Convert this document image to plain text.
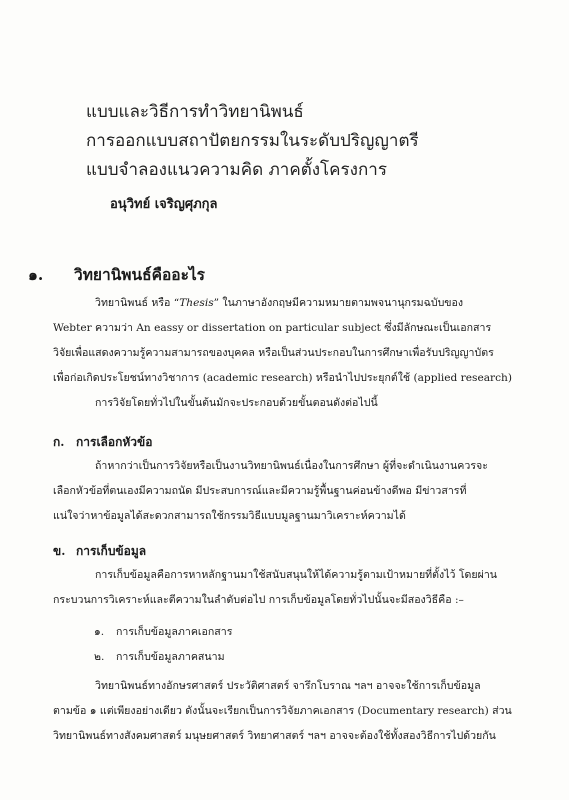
แบบและวิธีการทำวิทยานิพนธ์
การออกแบบสถาปัตยกรรมในระดับปริญญาตรี
แบบจำลองแนวความคิด ภาคตั้งโครงการ
อนุวิทย์ เจริญศุภกุล
๑. วิทยานิพนธ์คืออะไร
วิทยานิพนธ์ หรือ “Thesis” ในภาษาอังกฤษมีความหมายตามพจนานุกรมฉบับของ
Webter ความว่า An eassy or dissertation on particular subject ซึ่งมีลักษณะเป็นเอกสาร
วิจัยเพื่อแสดงความรู้ความสามารถของบุคคล หรือเป็นส่วนประกอบในการศึกษาเพื่อรับปริญญาบัตร
เพื่อก่อเกิดประโยชน์ทางวิชาการ (academic research) หรือนำไปประยุกต์ใช้ (applied research)
การวิจัยโดยทั่วไปในขั้นต้นมักจะประกอบด้วยขั้นตอนดังต่อไปนี้
ก. การเลือกหัวข้อ
ถ้าหากว่าเป็นการวิจัยหรือเป็นงานวิทยานิพนธ์เนื่องในการศึกษา ผู้ที่จะดำเนินงานควรจะ
เลือกหัวข้อที่ตนเองมีความถนัด มีประสบการณ์และมีความรู้พื้นฐานค่อนข้างดีพอ มีข่าวสารที่
แน่ใจว่าหาข้อมูลได้สะดวกสามารถใช้กรรมวิธีแบบมูลฐานมาวิเคราะห์ความได้
ข. การเก็บข้อมูล
การเก็บข้อมูลคือการหาหลักฐานมาใช้สนับสนุนให้ได้ความรู้ตามเป้าหมายที่ตั้งไว้ โดยผ่าน
กระบวนการวิเคราะห์และตีความในลำดับต่อไป การเก็บข้อมูลโดยทั่วไปนั้นจะมีสองวิธีคือ :–
๑. การเก็บข้อมูลภาคเอกสาร
๒. การเก็บข้อมูลภาคสนาม
วิทยานิพนธ์ทางอักษรศาสตร์ ประวัติศาสตร์ จารึกโบราณ ฯลฯ อาจจะใช้การเก็บข้อมูล
ตามข้อ ๑ แต่เพียงอย่างเดียว ดังนั้นจะเรียกเป็นการวิจัยภาคเอกสาร (Documentary research) ส่วน
วิทยานิพนธ์ทางสังคมศาสตร์ มนุษยศาสตร์ วิทยาศาสตร์ ฯลฯ อาจจะต้องใช้ทั้งสองวิธีการไปด้วยกัน
